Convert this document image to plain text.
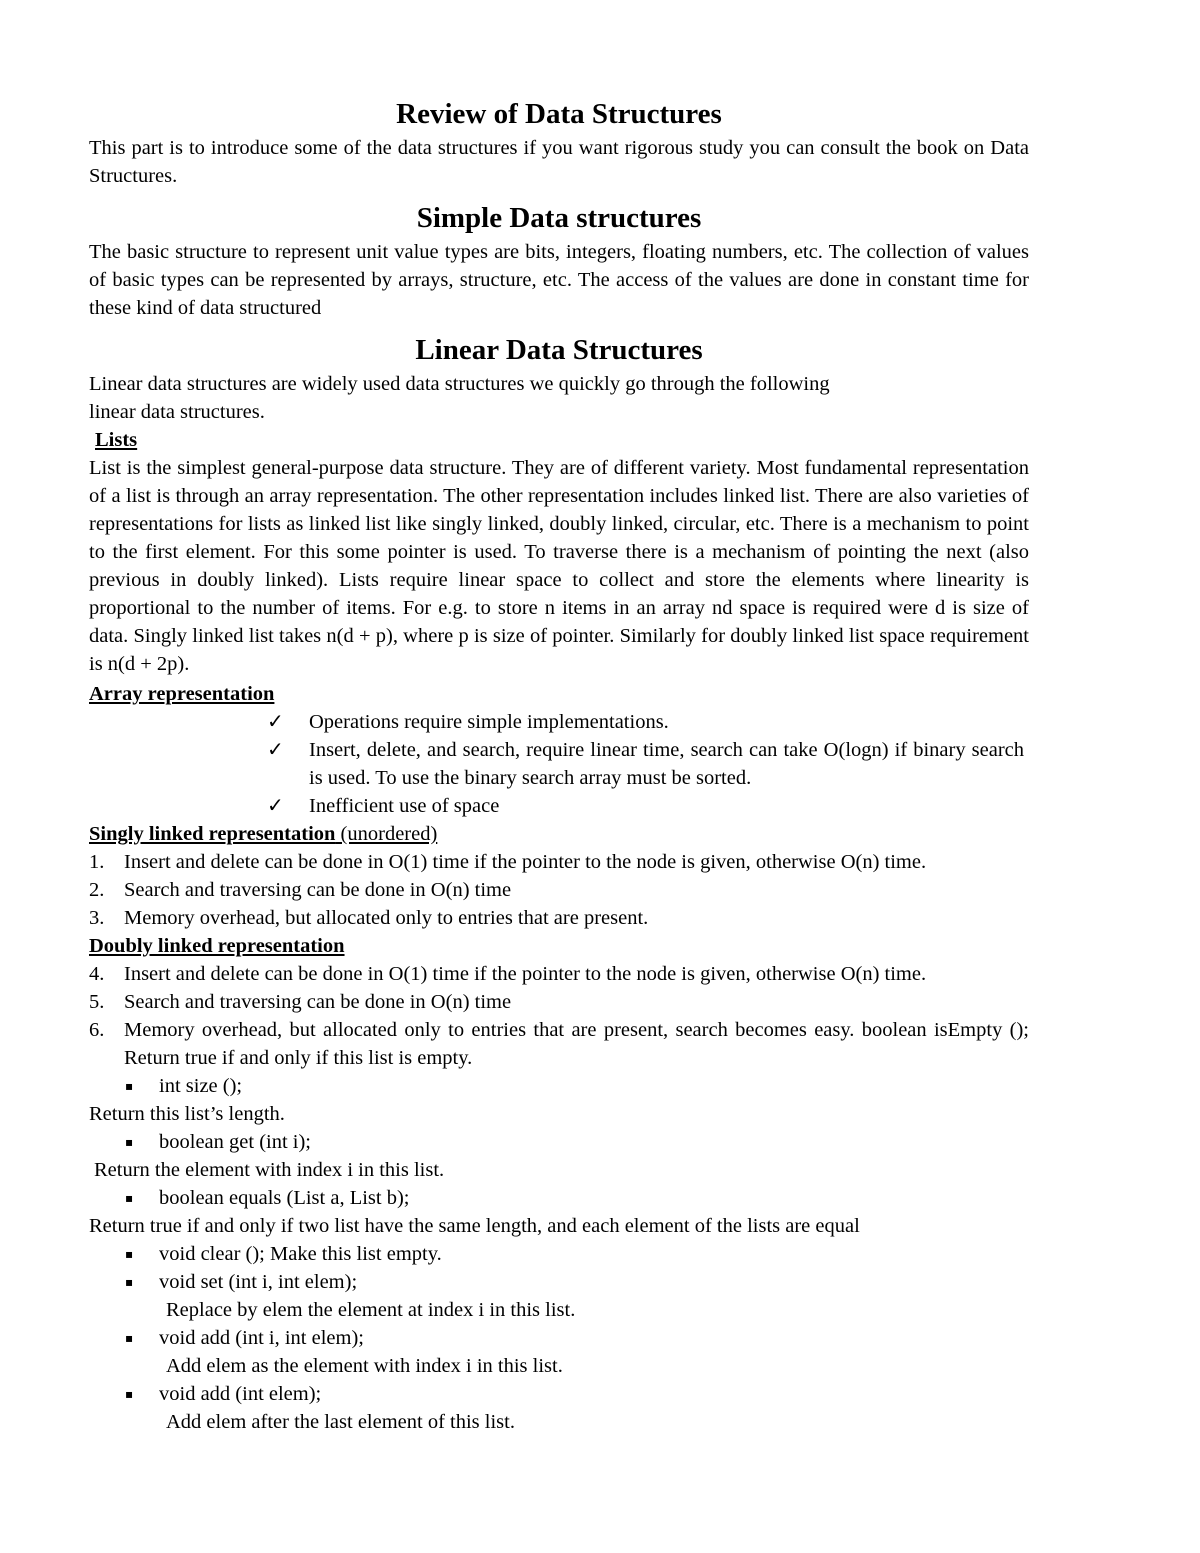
Review of Data Structures

This part is to introduce some of the data structures if you want rigorous study you can consult the book on Data Structures.

Simple Data structures

The basic structure to represent unit value types are bits, integers, floating numbers, etc. The collection of values of basic types can be represented by arrays, structure, etc. The access of the values are done in constant time for these kind of data structured

Linear Data Structures

Linear data structures are widely used data structures we quickly go through the following

linear data structures.

Lists

List is the simplest general-purpose data structure. They are of different variety. Most fundamental representation of a list is through an array representation. The other representation includes linked list. There are also varieties of representations for lists as linked list like singly linked, doubly linked, circular, etc. There is a mechanism to point to the first element. For this some pointer is used. To traverse there is a mechanism of pointing the next (also previous in doubly linked). Lists require linear space to collect and store the elements where linearity is proportional to the number of items. For e.g. to store n items in an array nd space is required were d is size of data. Singly linked list takes n(d + p), where p is size of pointer. Similarly for doubly linked list space requirement is n(d + 2p).

Array representation

✓ Operations require simple implementations.
✓ Insert, delete, and search, require linear time, search can take O(logn) if binary search is used. To use the binary search array must be sorted.
✓ Inefficient use of space

Singly linked representation (unordered)

1. Insert and delete can be done in O(1) time if the pointer to the node is given, otherwise O(n) time.
2. Search and traversing can be done in O(n) time
3. Memory overhead, but allocated only to entries that are present.

Doubly linked representation

4. Insert and delete can be done in O(1) time if the pointer to the node is given, otherwise O(n) time.
5. Search and traversing can be done in O(n) time
6. Memory overhead, but allocated only to entries that are present, search becomes easy. boolean isEmpty (); Return true if and only if this list is empty.
▪ int size ();

Return this list’s length.

▪ boolean get (int i);

Return the element with index i in this list.

▪ boolean equals (List a, List b);

Return true if and only if two list have the same length, and each element of the lists are equal

▪ void clear (); Make this list empty.
▪ void set (int i, int elem);

Replace by elem the element at index i in this list.

▪ void add (int i, int elem);

Add elem as the element with index i in this list.

▪ void add (int elem);

Add elem after the last element of this list.
